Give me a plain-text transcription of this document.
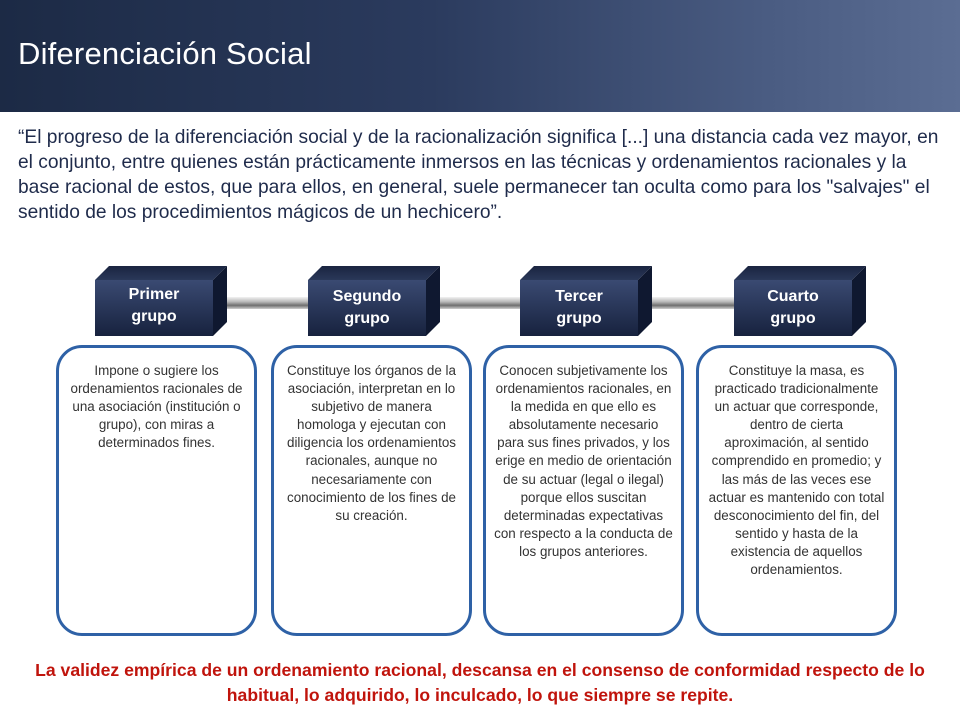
Diferenciación Social
“El progreso de la diferenciación social y de la racionalización significa [...] una distancia cada vez mayor, en el conjunto, entre quienes están prácticamente inmersos en las técnicas y ordenamientos racionales y la base racional de estos, que para ellos, en general, suele permanecer tan oculta como para los "salvajes" el sentido de los procedimientos mágicos de un hechicero”.
Primer
grupo
Segundo
grupo
Tercer
grupo
Cuarto
grupo
Impone o sugiere los ordenamientos racionales de una asociación (institución o grupo), con miras a determinados fines.
Constituye los órganos de la asociación, interpretan en lo subjetivo de manera homologa y ejecutan con diligencia los ordenamientos racionales, aunque no necesariamente con conocimiento de los fines de su creación.
Conocen subjetivamente los ordenamientos racionales, en la medida en que ello es absolutamente necesario para sus fines privados, y los erige en medio de orientación de su actuar (legal o ilegal) porque ellos suscitan determinadas expectativas con respecto a la conducta de los grupos anteriores.
Constituye la masa, es practicado tradicionalmente un actuar que corresponde, dentro de cierta aproximación, al sentido comprendido en promedio; y las más de las veces ese actuar es mantenido con total desconocimiento del fin, del sentido y hasta de la existencia de aquellos ordenamientos.
La validez empírica de un ordenamiento racional, descansa en el consenso de conformidad respecto de lo habitual, lo adquirido, lo inculcado, lo que siempre se repite.
